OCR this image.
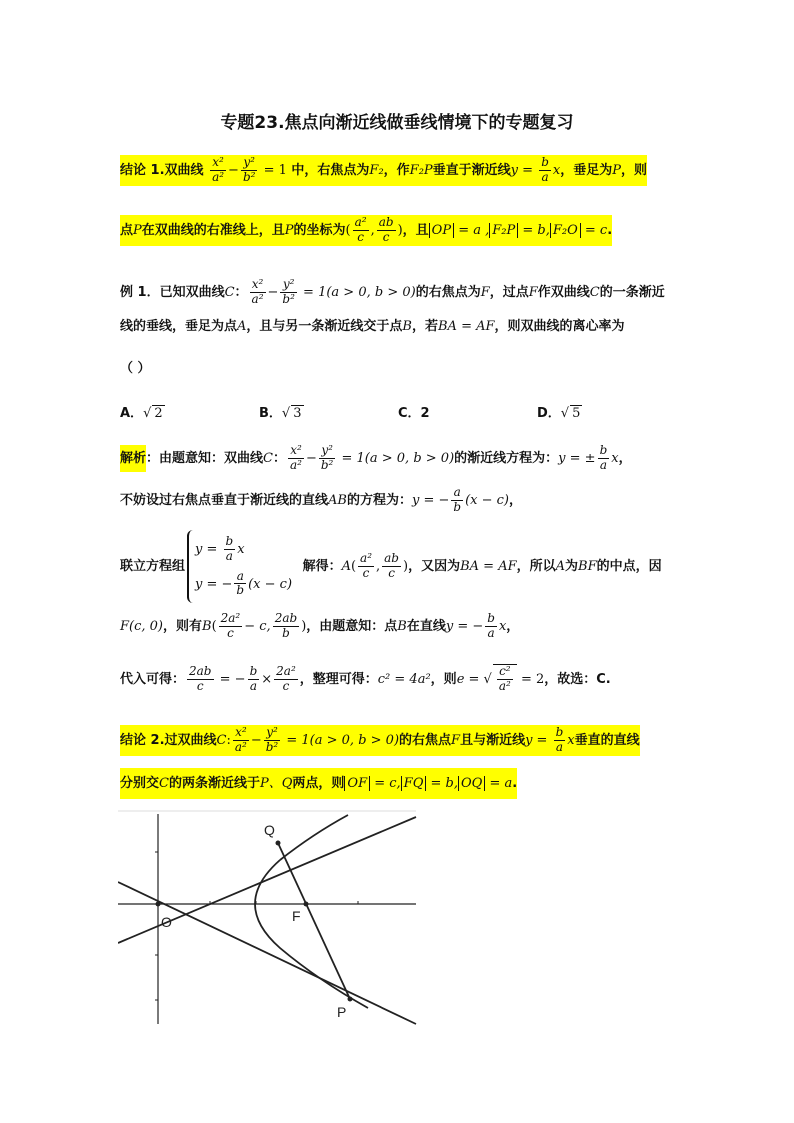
专题23.焦点向渐近线做垂线情境下的专题复习
结论 1.双曲线 $\frac{\text{x²}}{\text{a²}} - \frac{\text{y²}}{\text{b²}} = 1$ 中，右焦点为F₂，作F₂P垂直于渐近线$y = \frac{b}{a}$ x，垂足为P，则
点P在双曲线的右准线上，且P的坐标为( $\frac{\text{a²}}{c}$ , $\frac{ab}{c}$ )，且 OP = a , F₂P = b, F₂O = c.
例 1．已知双曲线C： $\frac{\text{x²}}{\text{a²}} - \frac{\text{y²}}{\text{b²}} = 1(a > 0$, b > 0)的右焦点为F，过点F作双曲线C的一条渐近
线的垂线，垂足为点A，且与另一条渐近线交于点B，若BA = AF，则双曲线的离心率为
（ ）
A．√ 2	B．√ 3	C．2	D．√ 5
解析：由题意知：双曲线C： $\frac{\text{x²}}{\text{a²}} - \frac{\text{y²}}{\text{b²}} = 1(a > 0$, b > 0)的渐近线方程为：y = ± $\frac{b}{a}$ x，
不妨设过右焦点垂直于渐近线的直线AB的方程为：y = − $\frac{a}{b} (x - c)$，
联立方程组
$y = \frac{b}{a}$ x
y = − $\frac{a}{b} (x - c)$
解得：$A( \frac{\text{a²}}{c}$ , $\frac{ab}{c}$ )，又因为BA = AF，所以A为BF的中点，因
F(c, 0)，则有$B( \frac{\text{2a²}}{c} - c$, $\frac{2ab}{b}$ )，由题意知：点B在直线y = − $\frac{b}{a}$ x，
代入可得： $\frac{2ab}{c}$ = − $\frac{b}{a} \times \frac{\text{2a²}}{c}$ ，整理可得：c² = 4a²，则e = √ $\frac{\text{c²}}{\text{a²}} = 2$，故选：C.
结论 2.过双曲线C: $\frac{\text{x²}}{\text{a²}} - \frac{\text{y²}}{\text{b²}} = 1(a > 0$, b > 0)的右焦点F且与渐近线$y = \frac{b}{a}$ x垂直的直线
分别交C的两条渐近线于P、Q两点，则 OF = c, FQ = b, OQ = a.
Q
O	F
P
